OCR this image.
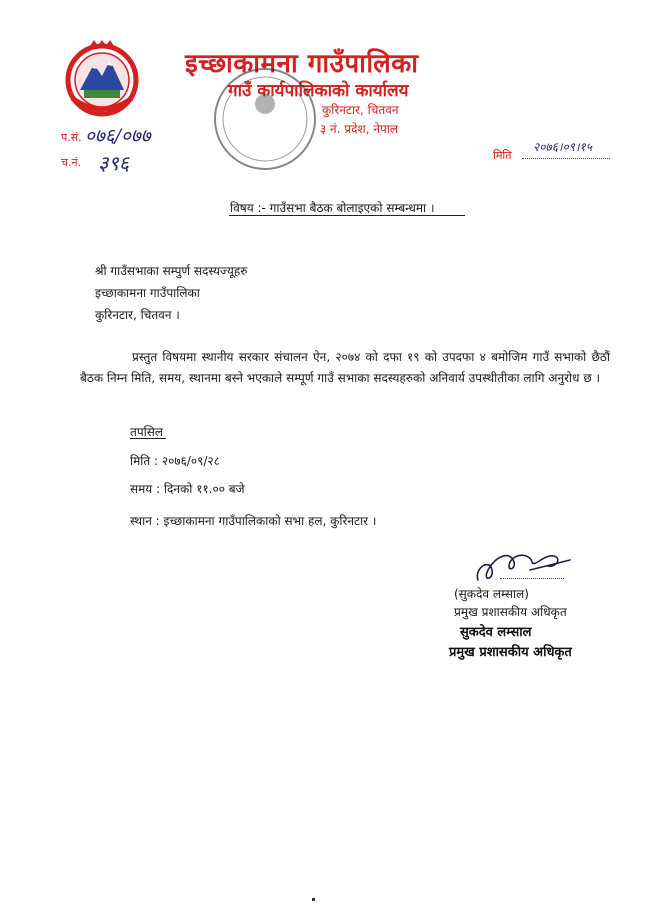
इच्छाकामना गाउँपालिका
गाउँ कार्यपालिकाको कार्यालय
कुरिनटार, चितवन
३ नं. प्रदेश, नेपाल
प.सं. ०७६/०७७
च.नं. ३९६	मिति
२०७६।०९।१५
विषय :- गाउँसभा बैठक बोलाइएको सम्बन्धमा ।
श्री गाउँसभाका सम्पुर्ण सदस्यज्यूहरु
इच्छाकामना गाउँपालिका
कुरिनटार, चितवन ।
प्रस्तुत विषयमा स्थानीय सरकार संचालन ऐन, २०७४ को दफा १९ को उपदफा ४ बमोजिम गाउँ सभाको छैठौं बैठक निम्न मिति, समय, स्थानमा बस्ने भएकाले सम्पूर्ण गाउँ सभाका सदस्यहरुको अनिवार्य उपस्थीतीका लागि अनुरोध छ ।
तपसिल
मिति : २०७६/०९/२८
समय : दिनको ११.०० बजे
स्थान : इच्छाकामना गाउँपालिकाको सभा हल, कुरिनटार ।
(सुकदेव लम्साल)
प्रमुख प्रशासकीय अधिकृत
सुकदेव लम्साल
प्रमुख प्रशासकीय अधिकृत
